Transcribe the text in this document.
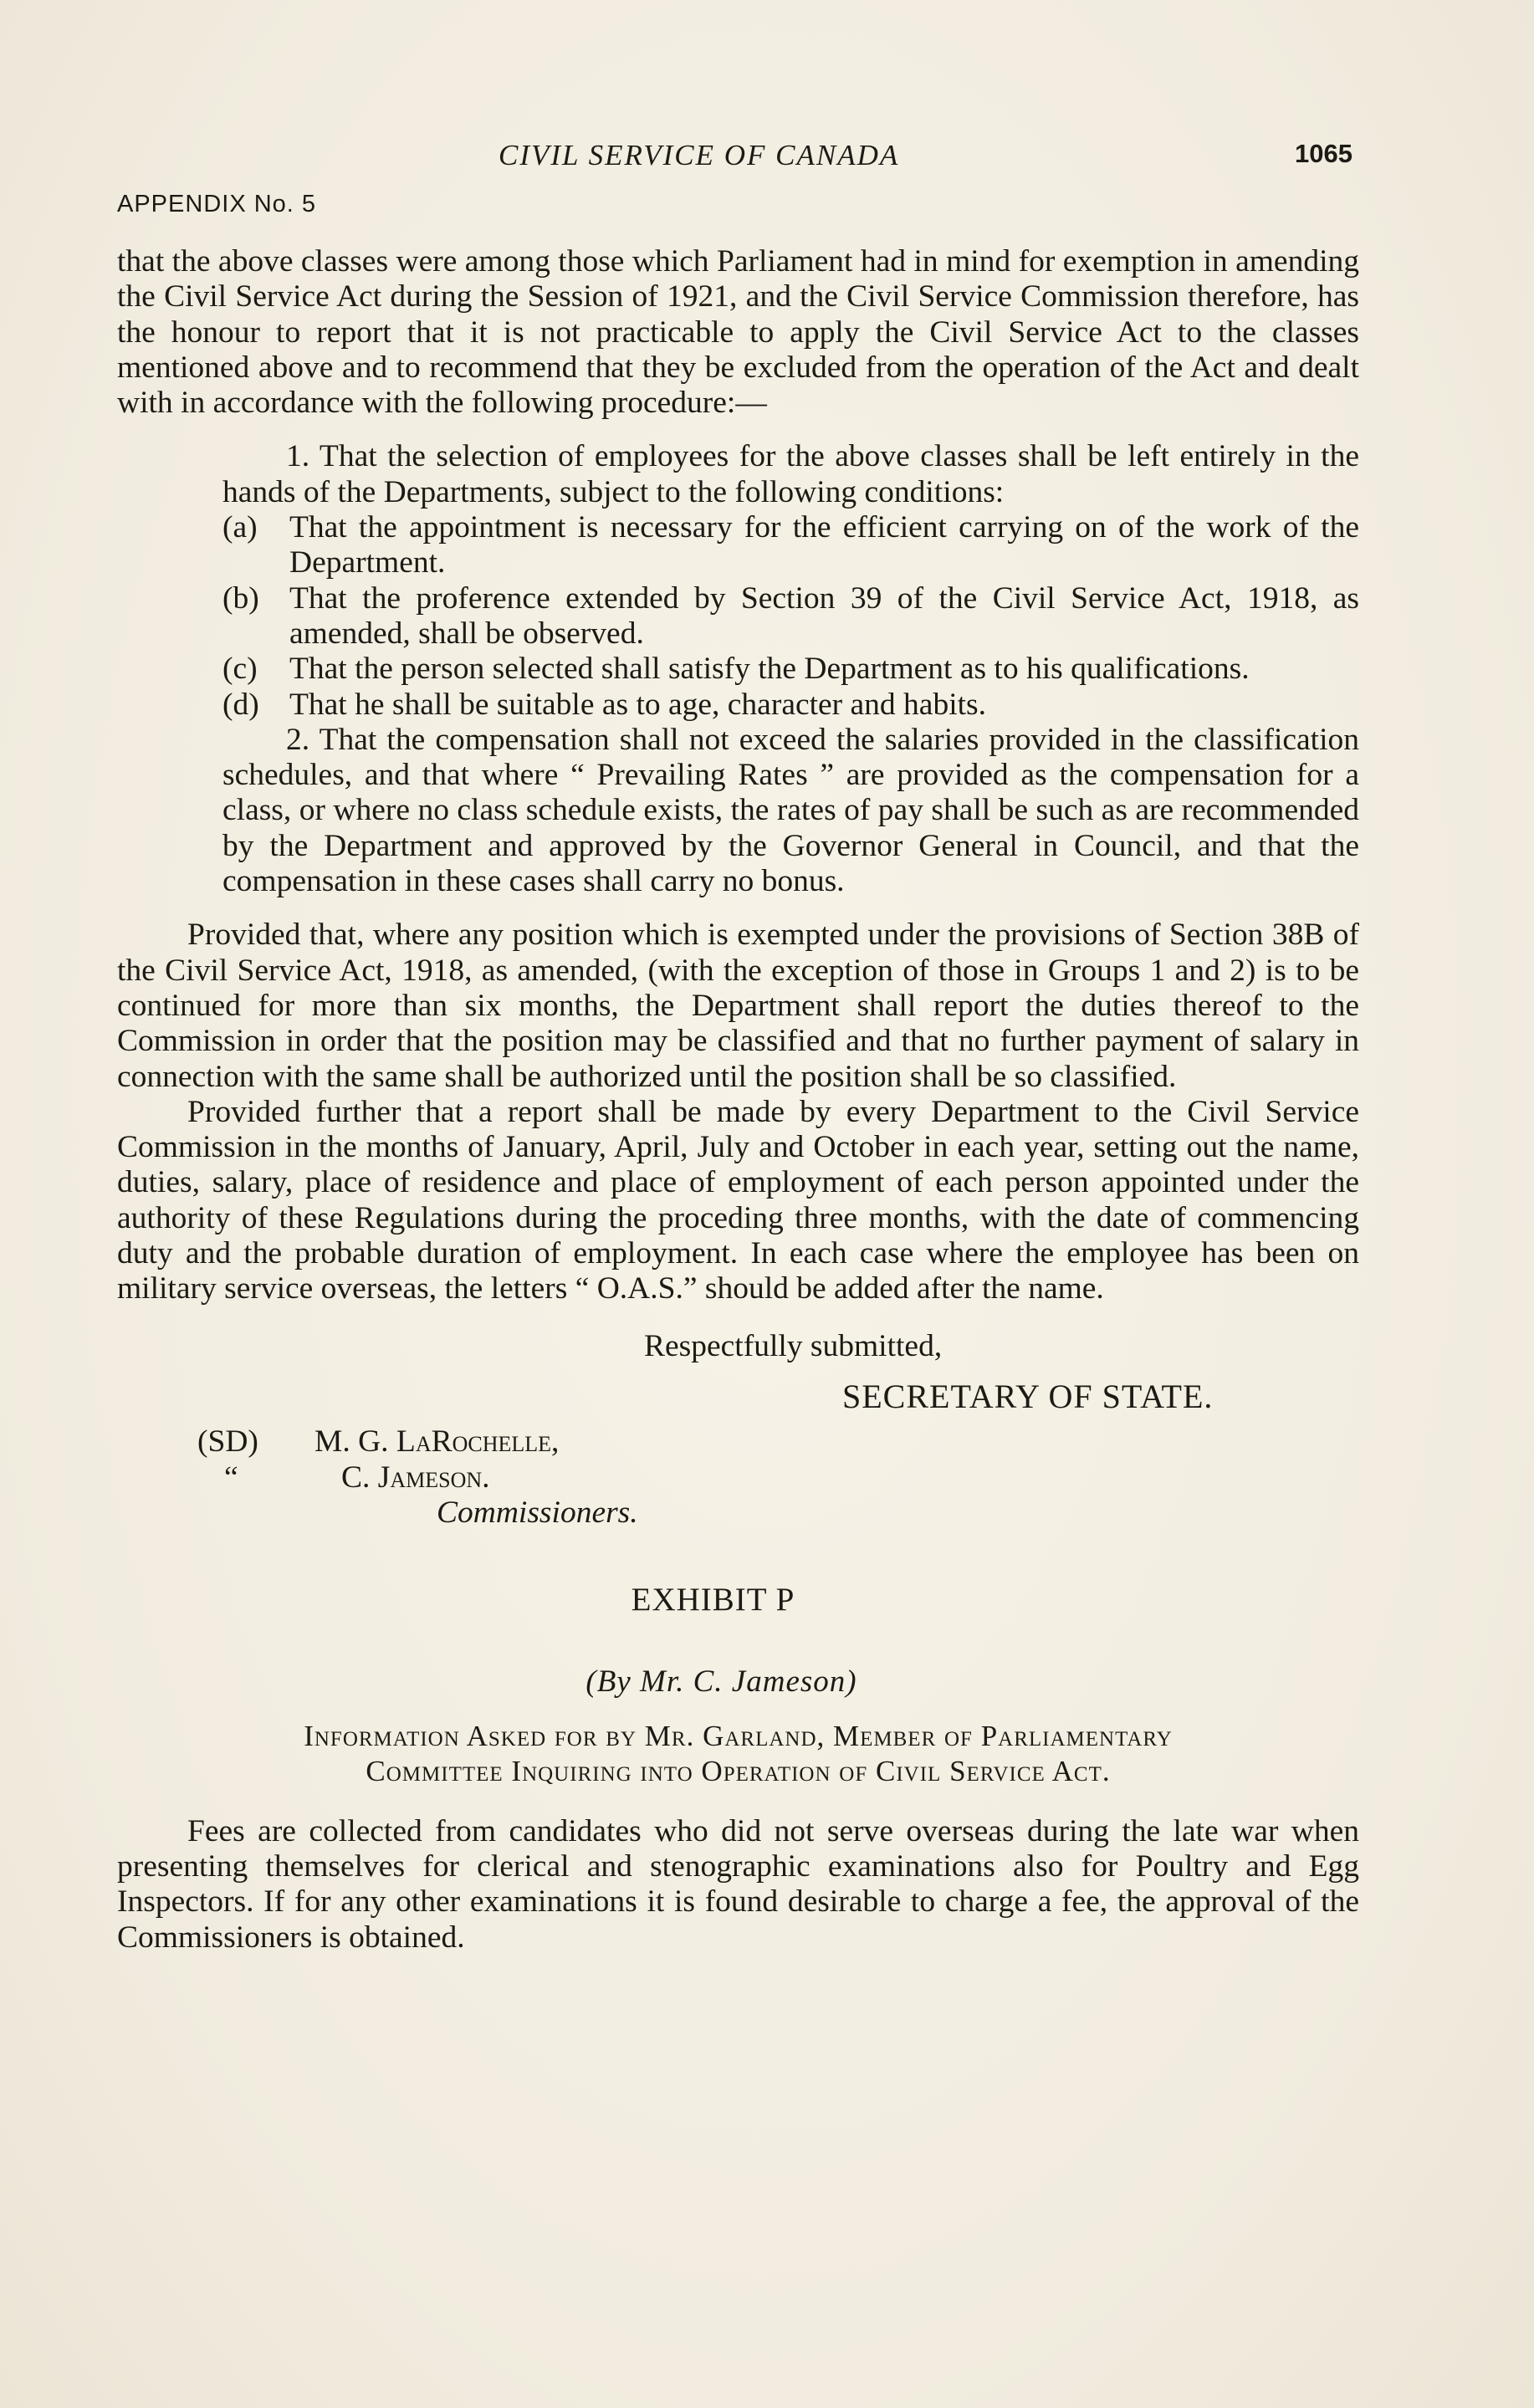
CIVIL SERVICE OF CANADA	1065
APPENDIX No. 5

that the above classes were among those which Parliament had in mind for exemption in amending the Civil Service Act during the Session of 1921, and the Civil Service Commission therefore, has the honour to report that it is not practicable to apply the Civil Service Act to the classes mentioned above and to recommend that they be excluded from the operation of the Act and dealt with in accordance with the following procedure:—

1. That the selection of employees for the above classes shall be left entirely in the hands of the Departments, subject to the following conditions:

(a)	That the appointment is necessary for the efficient carrying on of the work of the Department.
(b) That the proference extended by Section 39 of the Civil Service Act, 1918, as amended, shall be observed.
(c)	That the person selected shall satisfy the Department as to his qualifications.
(d) That he shall be suitable as to age, character and habits.

2. That the compensation shall not exceed the salaries provided in the classification schedules, and that where “ Prevailing Rates ” are provided as the compensation for a class, or where no class schedule exists, the rates of pay shall be such as are recommended by the Department and approved by the Governor General in Council, and that the compensation in these cases shall carry no bonus.

Provided that, where any position which is exempted under the provisions of Section 38B of the Civil Service Act, 1918, as amended, (with the exception of those in Groups 1 and 2) is to be continued for more than six months, the Department shall report the duties thereof to the Commission in order that the position may be classified and that no further payment of salary in connection with the same shall be authorized until the position shall be so classified.

Provided further that a report shall be made by every Department to the Civil Service Commission in the months of January, April, July and October in each year, setting out the name, duties, salary, place of residence and place of employment of each person appointed under the authority of these Regulations during the proceding three months, with the date of commencing duty and the probable duration of employment. In each case where the employee has been on military service overseas, the letters “ O.A.S.” should be added after the name.

Respectfully submitted,
SECRETARY OF STATE.
(SD)	M. G. LaRochelle,
“	C. Jameson.
Commissioners.
EXHIBIT P
(By Mr. C. Jameson)
Information Asked for by Mr. Garland, Member of Parliamentary
Committee Inquiring into Operation of Civil Service Act.

Fees are collected from candidates who did not serve overseas during the late war when presenting themselves for clerical and stenographic examinations also for Poultry and Egg Inspectors. If for any other examinations it is found desirable to charge a fee, the approval of the Commissioners is obtained.
